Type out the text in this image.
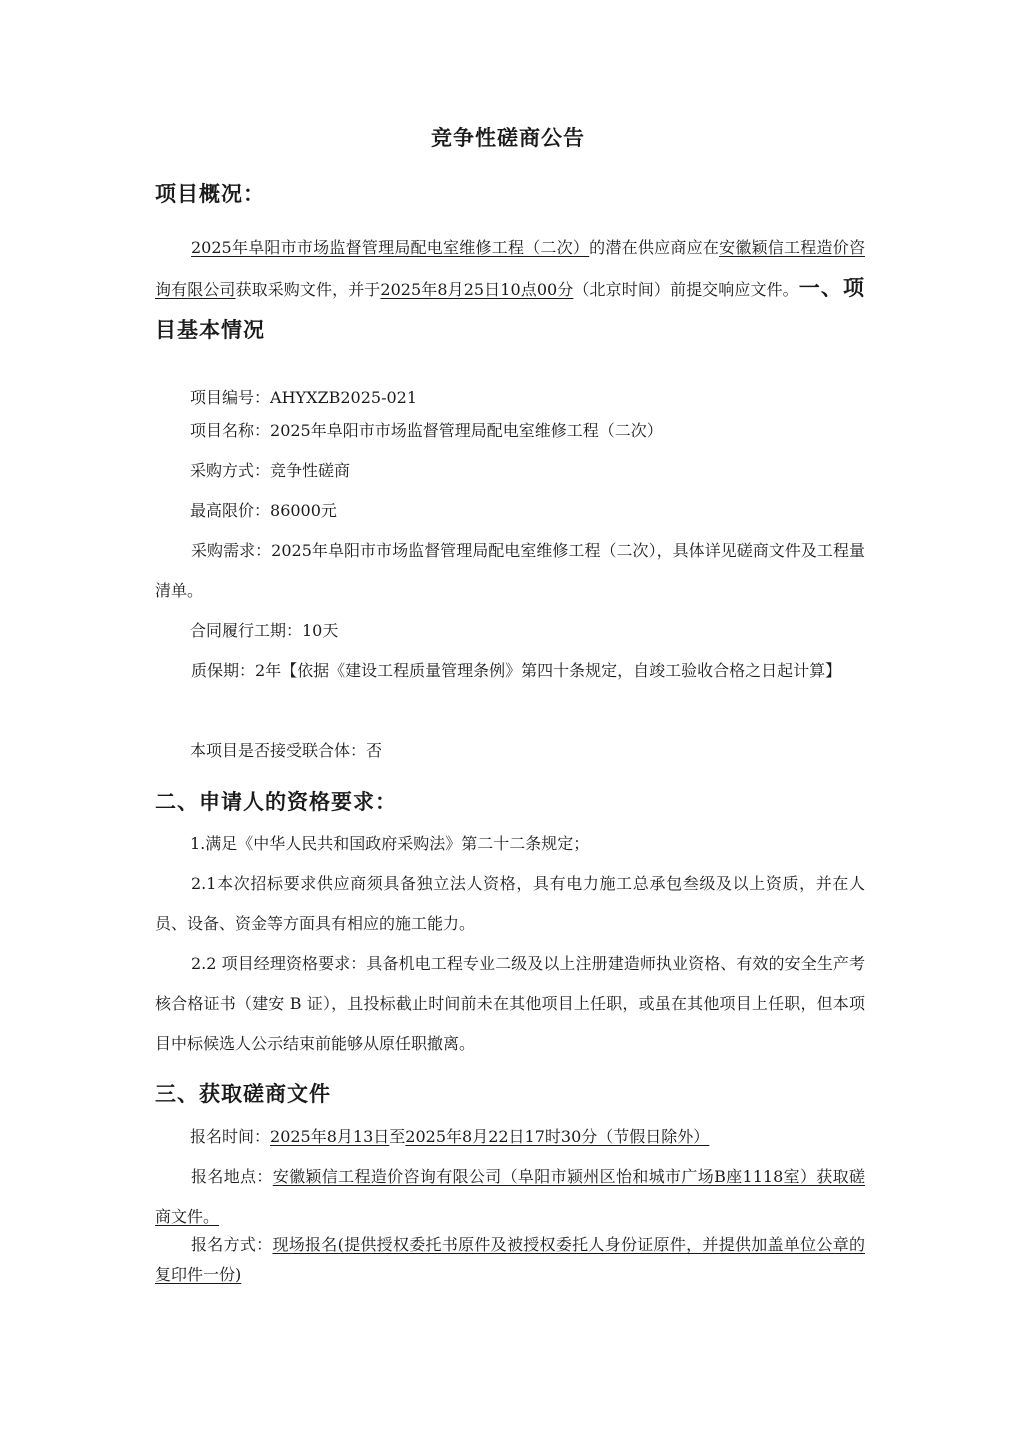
竞争性磋商公告
项目概况：
2025年阜阳市市场监督管理局配电室维修工程（二次）的潜在供应商应在安徽颖信工程造价咨询有限公司获取采购文件，并于2025年8月25日10点00分（北京时间）前提交响应文件。一、项目基本情况
项目编号：AHYXZB2025-021
项目名称：2025年阜阳市市场监督管理局配电室维修工程（二次）
采购方式：竞争性磋商
最高限价：86000元
采购需求：2025年阜阳市市场监督管理局配电室维修工程（二次），具体详见磋商文件及工程量清单。
合同履行工期：10天
质保期：2年【依据《建设工程质量管理条例》第四十条规定，自竣工验收合格之日起计算】
本项目是否接受联合体：否
二、申请人的资格要求：
1.满足《中华人民共和国政府采购法》第二十二条规定；
2.1本次招标要求供应商须具备独立法人资格，具有电力施工总承包叁级及以上资质，并在人员、设备、资金等方面具有相应的施工能力。
2.2 项目经理资格要求：具备机电工程专业二级及以上注册建造师执业资格、有效的安全生产考核合格证书（建安 B 证），且投标截止时间前未在其他项目上任职，或虽在其他项目上任职，但本项目中标候选人公示结束前能够从原任职撤离。
三、获取磋商文件
报名时间：2025年8月13日至2025年8月22日17时30分（节假日除外）
报名地点：安徽颖信工程造价咨询有限公司（阜阳市颍州区怡和城市广场B座1118室）获取磋商文件。
报名方式：现场报名(提供授权委托书原件及被授权委托人身份证原件，并提供加盖单位公章的复印件一份)
